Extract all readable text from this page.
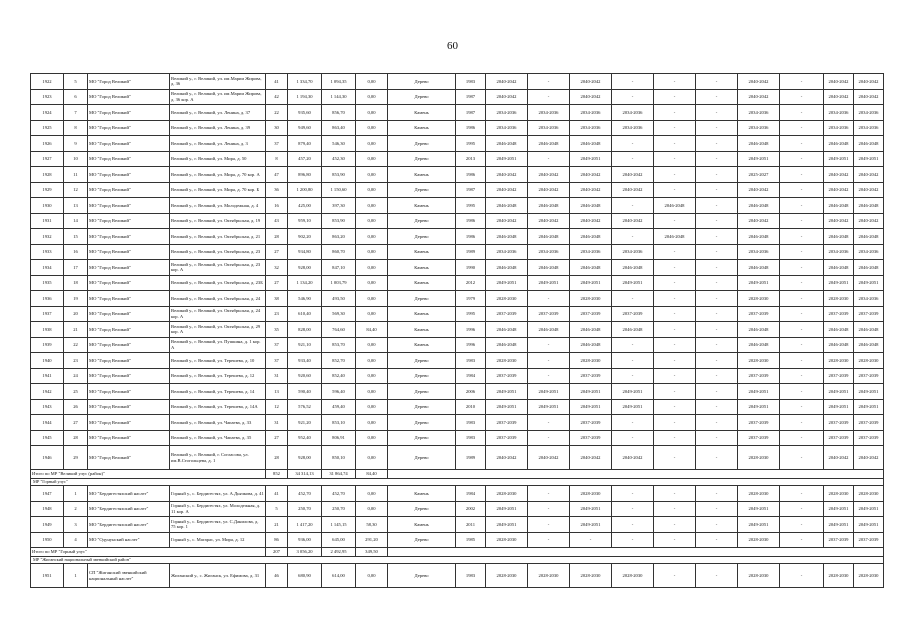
60
1922	5	МО "Город Великий"	Великий у., г. Великий, ул. им.Марии Жирова, д. 36	41	1 334,70	1 094,35	0,00	Дерево	1983	2040-2042	-	2040-2042	-	-	-	2040-2042	-	2040-2042	2040-2042
1923	6	МО "Город Великий"	Великий у., г. Великий, ул. им.Марии Жирова, д. 36 кор. А	42	1 194,30	1 144,30	0,00	Дерево	1987	2040-2042	-	2040-2042	-	-	-	2040-2042	-	2040-2042	2040-2042
1924	7	МО "Город Великий"	Великий у., г. Великий, ул. Ленина, д. 37	22	935,60	856,70	0,00	Камень	1987	2034-2036	2034-2036	2034-2036	2034-2036	-	-	2034-2036	-	2034-2036	2034-2036
1925	8	МО "Город Великий"	Великий у., г. Великий, ул. Ленина, д. 39	30	949,60	863,40	0,00	Камень	1986	2034-2036	2034-2036	2034-2036	2034-2036	-	-	2034-2036	-	2034-2036	2034-2036
1926	9	МО "Город Великий"	Великий у., г. Великий, ул. Ленина, д. 3	37	879,40	546,30	0,00	Дерево	1995	2046-2048	2046-2048	2046-2048	-	-	-	2046-2048	-	2046-2048	2046-2048
1927	10	МО "Город Великий"	Великий у., г. Великий, ул. Мира, д. 50	8	457,20	452,30	0,00	Дерево	2013	2049-2051	-	2049-2051	-	-	-	2049-2051	-	2049-2051	2049-2051
1928	11	МО "Город Великий"	Великий у., г. Великий, ул. Мира, д. 70 кор. А	47	896,80	853,90	0,00	Камень	1986	2040-2042	2040-2042	2040-2042	2040-2042	-	-	2025-2027	-	2040-2042	2040-2042
1929	12	МО "Город Великий"	Великий у., г. Великий, ул. Мира, д. 70 кор. Б	36	1 200,80	1 150,60	0,00	Дерево	1987	2040-2042	2040-2042	2040-2042	2040-2042	-	-	2040-2042	-	2040-2042	2040-2042
1930	13	МО "Город Великий"	Великий у., г. Великий, ул. Молодежная, д. 4	16	425,00	397,30	0,00	Камень	1995	2046-2048	2046-2048	2046-2048	-	2046-2048	-	2046-2048	-	2046-2048	2046-2048
1931	14	МО "Город Великий"	Великий у., г. Великий, ул. Октябрьская, д. 19	43	959,10	853,90	0,00	Дерево	1986	2040-2042	2040-2042	2040-2042	2040-2042	-	-	2040-2042	-	2040-2042	2040-2042
1932	15	МО "Город Великий"	Великий у., г. Великий, ул. Октябрьская, д. 21	28	902,20	863,20	0,00	Дерево	1986	2046-2048	2046-2048	2046-2048	-	2046-2048	-	2046-2048	-	2046-2048	2046-2048
1933	16	МО "Город Великий"	Великий у., г. Великий, ул. Октябрьская, д. 23	27	934,80	860,70	0,00	Камень	1989	2034-2036	2034-2036	2034-2036	2034-2036	-	-	2034-2036	-	2034-2036	2034-2036
1934	17	МО "Город Великий"	Великий у., г. Великий, ул. Октябрьская, д. 23 кор. А	32	928,00	847,10	0,00	Камень	1990	2046-2048	2046-2048	2046-2048	2046-2048	-	-	2046-2048	-	2046-2048	2046-2048
1935	18	МО "Город Великий"	Великий у., г. Великий, ул. Октябрьская, д. 23Б	27	1 134,20	1 003,79	0,00	Камень	2012	2049-2051	2049-2051	2049-2051	2049-2051	-	-	2049-2051	-	2049-2051	2049-2051
1936	19	МО "Город Великий"	Великий у., г. Великий, ул. Октябрьская, д. 24	38	546,90	493,50	0,00	Дерево	1979	2028-2030	-	2028-2030	-	-	-	2028-2030	-	2028-2030	2034-2036
1937	20	МО "Город Великий"	Великий у., г. Великий, ул. Октябрьская, д. 24 кор. А	23	610,40	569,30	0,00	Камень	1995	2037-2039	2037-2039	2037-2039	2037-2039	-	-	2037-2039	-	2037-2039	2037-2039
1938	21	МО "Город Великий"	Великий у., г. Великий, ул. Октябрьская, д. 29 кор. А	35	828,00	764,60	84,40	Камень	1996	2046-2048	2046-2048	2046-2048	2046-2048	-	-	2046-2048	-	2046-2048	2046-2048
1939	22	МО "Город Великий"	Великий у., г. Великий, ул. Пушкина, д. 1 кор. А	37	921,10	853,70	0,00	Камень	1996	2046-2048	-	2046-2048	-	-	-	2046-2048	-	2046-2048	2046-2048
1940	23	МО "Город Великий"	Великий у., г. Великий, ул. Терешева, д. 10	37	933,40	852,70	0,00	Дерево	1983	2028-2030	-	2028-2030	-	-	-	2028-2030	-	2028-2030	2028-2030
1941	24	МО "Город Великий"	Великий у., г. Великий, ул. Терешева, д. 12	31	920,60	852,40	0,00	Дерево	1984	2037-2039	-	2037-2039	-	-	-	2037-2039	-	2037-2039	2037-2039
1942	25	МО "Город Великий"	Великий у., г. Великий, ул. Терешева, д. 14	13	590,40	596,40	0,00	Дерево	2006	2049-2051	2049-2051	2049-2051	2049-2051	-	-	2049-2051	-	2049-2051	2049-2051
1943	26	МО "Город Великий"	Великий у., г. Великий, ул. Терешева, д. 14А	12	576,52	459,40	0,00	Дерево	2010	2049-2051	2049-2051	2049-2051	2049-2051	-	-	2049-2051	-	2049-2051	2049-2051
1944	27	МО "Город Великий"	Великий у., г. Великий, ул. Чапаева, д. 33	31	921,20	853,10	0,00	Дерево	1983	2037-2039	-	2037-2039	-	-	-	2037-2039	-	2037-2039	2037-2039
1945	28	МО "Город Великий"	Великий у., г. Великий, ул. Чапаева, д. 35	27	952,40	806,91	0,00	Дерево	1983	2037-2039	-	2037-2039	-	-	-	2037-2039	-	2037-2039	2037-2039
1946	29	МО "Город Великий"	Великий у., г. Великий, г. Согласова, ул. им.В.Стогольцева, д. 1	28	928,00	850,10	0,00	Дерево	1989	2040-2042	2040-2042	2040-2042	2040-2042	-	-	2028-2030	-	2040-2042	2040-2042
Итого по МР "Великий улус (район)"				852	34 314,13	31 864,74	84,40												
МР "Горный улус"																			
1947	1	МО "Бердигестяхский наслег"	Горный у., с. Бердигестях, ул. А.Дьячкова, д. 41	41	452,70	452,70	0,00	Камень	1984	2028-2030	-	2028-2030	-	-	-	2028-2030	-	2028-2030	2028-2030
1948	2	МО "Бердигестяхский наслег"	Горный у., с. Бердигестях, ул. Молодежная, д. 11 кор. А	5	250,70	250,70	0,00	Дерево	2002	2049-2051	-	2049-2051	-	-	-	2049-2051	-	2049-2051	2049-2051
1949	3	МО "Бердигестяхский наслег"	Горный у., с. Бердигестях, ул. С.Данилова, д. 75 кор. 1	21	1 417,20	1 145,15	58,30	Камень	2011	2049-2051	-	2049-2051	-	-	-	2049-2051	-	2049-2051	2049-2051
1950	4	МО "Одунунский наслег"	Горный у., с. Магарас, ул. Мира, д. 12	86	936,00	645,00	291,20	Дерево	1985	2028-2030	-	-	-	-	-	2028-2030	-	2037-2039	2037-2039
Итого по МР "Горный улус"				207	3 056,20	2 492,95	349,50												
МР "Жиганский национальный эвенкийский район"																			
1951	1	СП "Жиганский эвенкийский национальный наслег"	Жиганский у., с. Жиганск, ул. Ефимова, д. 31	46	680,90	614,00	0,00	Дерево	1983	2028-2030	2028-2030	2028-2030	2028-2030	-	-	2028-2030	-	2028-2030	2028-2030
